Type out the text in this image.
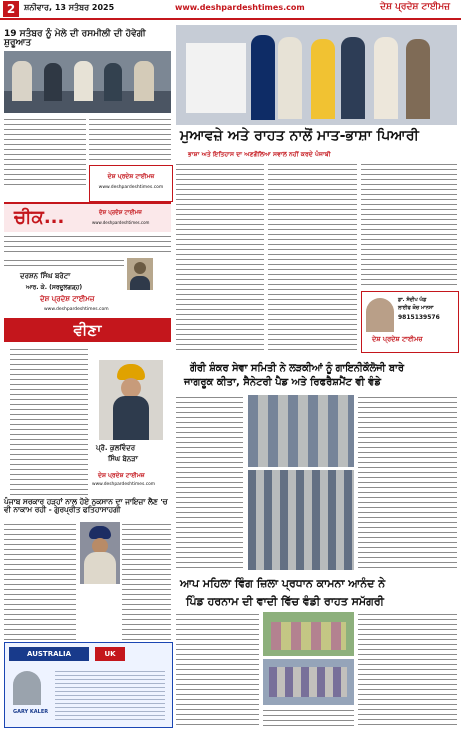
2	ਸ਼ਨੀਵਾਰ, 13 ਸਤੰਬਰ 2025	www.deshpardeshtimes.com	ਦੇਸ਼ ਪ੍ਰਦੇਸ਼ ਟਾਈਮਜ਼
19 ਸਤੰਬਰ ਨੂੰ ਮੇਲੇ ਦੀ ਰਸਮੀਲੀ ਦੀ ਹੋਵੇਗੀ ਸ਼ੁਰੂਆਤ
ਦੇਸ਼ ਪ੍ਰਦੇਸ਼ ਟਾਈਮਜ਼
www.deshpardeshtimes.com
ਚੀਕ...	ਦੇਸ਼ ਪ੍ਰਦੇਸ਼ ਟਾਈਮਜ਼
www.deshpardeshtimes.com
ਦਰਸ਼ਨ ਸਿੰਘ ਬਰੇਟਾ
ਆਰ. ਕੇ. (ਸਰਦੂਲਗੜ੍ਹ)
ਦੇਸ਼ ਪ੍ਰਦੇਸ਼ ਟਾਈਮਜ਼
www.deshpardeshtimes.com
ਵੀਣਾ
ਪ੍ਰੋ. ਕੁਲਵਿੰਦਰ
ਸਿੰਘ ਬੇਨੜਾ
ਦੇਸ਼ ਪ੍ਰਦੇਸ਼ ਟਾਈਮਜ਼
www.deshpardeshtimes.com
ਪੰਜਾਬ ਸਰਕਾਰ ਹੜ੍ਹਾਂ ਨਾਲ ਹੋਏ ਨੁਕਸਾਨ ਦਾ ਜਾਇਜ਼ਾ ਲੈਣ 'ਚ ਵੀ ਨਾਕਾਮ ਰਹੀ - ਗੁਰਪ੍ਰੀਤ ਫਤਿਹਾਸਾਹਗੀ
AUSTRALIA	UK
GARY KALER
ਮੁਆਵਜ਼ੇ ਅਤੇ ਰਾਹਤ ਨਾਲੋਂ ਮਾਤ-ਭਾਸ਼ਾ ਪਿਆਰੀ
ਭਾਸ਼ਾ ਅਤੇ ਇਤਿਹਾਸ ਦਾ ਅਣਗੌਲਿਆ ਸਵਾਲ ਨਹੀਂ ਕਰਦੇ ਪੰਜਾਬੀ
ਡਾ. ਸੰਦੀਪ ਘੰਡ
ਲਾਈਫ ਕੋਚ ਮਾਨਸਾ
9815139576
ਦੇਸ਼ ਪ੍ਰਦੇਸ਼ ਟਾਈਮਜ਼
ਗੌਰੀ ਸ਼ੰਕਰ ਸੇਵਾ ਸਮਿਤੀ ਨੇ ਲੜਕੀਆਂ ਨੂੰ ਗਾਇਨੀਕੌਲੋਜੀ ਬਾਰੇ
ਜਾਗਰੂਕ ਕੀਤਾ, ਸੈਨੇਟਰੀ ਪੈਡ ਅਤੇ ਰਿਫਰੈਸ਼ਮੈਂਟ ਵੀ ਵੰਡੇ
ਆਪ ਮਹਿਲਾ ਵਿੰਗ ਜ਼ਿਲਾ ਪ੍ਰਧਾਨ ਕਾਮਨਾ ਆਨੰਦ ਨੇ
ਪਿੰਡ ਹਰਨਾਮ ਦੀ ਵਾਦੀ ਵਿੱਚ ਵੰਡੀ ਰਾਹਤ ਸਮੱਗਰੀ
